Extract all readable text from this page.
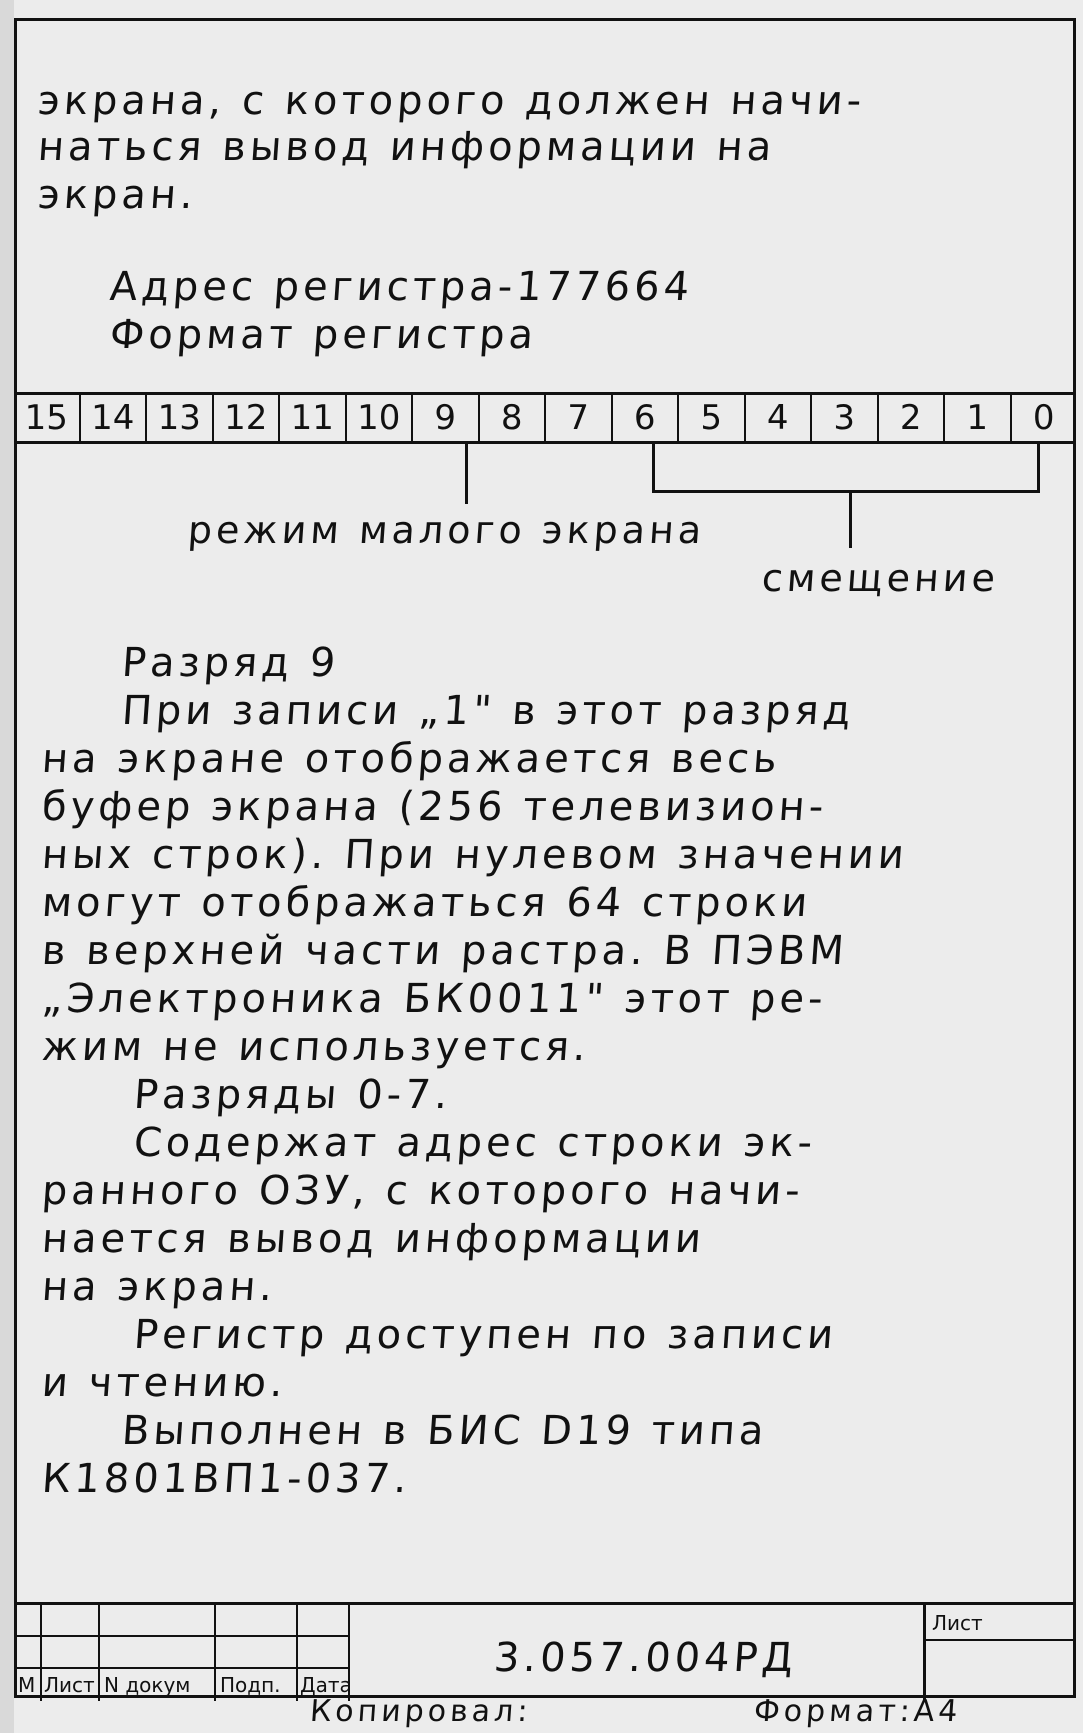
экрана, с которого должен начи-
наться вывод информации на
экран.
Адрес регистра-177664
Формат регистра
15 14 13 12 11 10	9	8	7	6	5	4	3	2	1	0
режим малого экрана
смещение
Разряд 9
При записи „1" в этот разряд
на экране отображается весь
буфер экрана (256 телевизион-
ных строк). При нулевом значении
могут отображаться 64 строки
в верхней части растра. В ПЭВМ
„Электроника БК0011" этот ре-
жим не используется.
Разряды 0-7.
Содержат адрес строки эк-
ранного ОЗУ, с которого начи-
нается вывод информации
на экран.
Регистр доступен по записи
и чтению.
Выполнен в БИС D19 типа
К1801ВП1-037.
3.057.004РД
Лист
М Лист N докум Подп. Дата
Копировал:	Формат:А4
